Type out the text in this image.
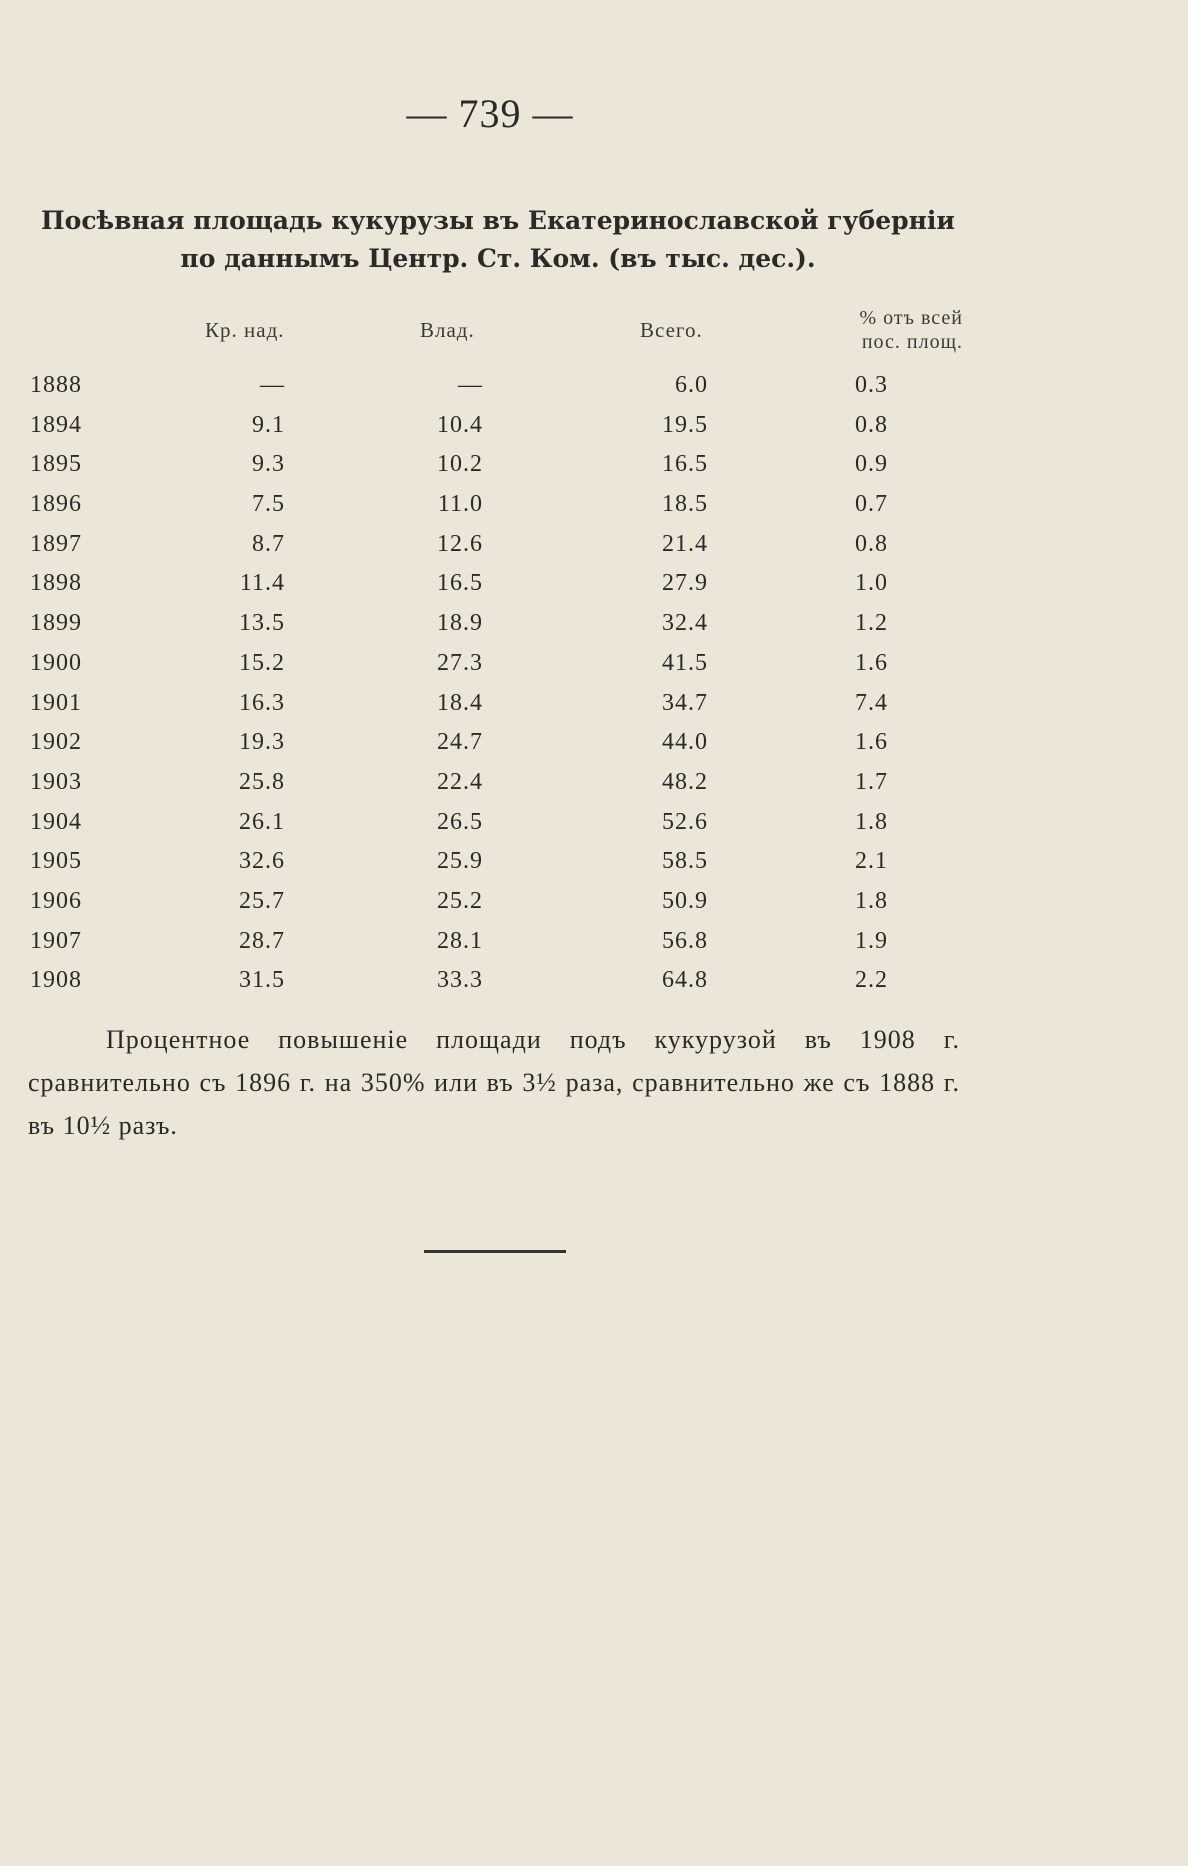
— 739 —
Посѣвная площадь кукурузы въ Екатеринославской губерніи
по даннымъ Центр. Ст. Ком. (въ тыс. дес.).
Кр. над.	Влад.	Всего.	% отъ всей
пос. площ.
1888	—	—	6.0	0.3
1894	9.1	10.4	19.5	0.8
1895	9.3	10.2	16.5	0.9
1896	7.5	11.0	18.5	0.7
1897	8.7	12.6	21.4	0.8
1898	11.4	16.5	27.9	1.0
1899	13.5	18.9	32.4	1.2
1900	15.2	27.3	41.5	1.6
1901	16.3	18.4	34.7	7.4
1902	19.3	24.7	44.0	1.6
1903	25.8	22.4	48.2	1.7
1904	26.1	26.5	52.6	1.8
1905	32.6	25.9	58.5	2.1
1906	25.7	25.2	50.9	1.8
1907	28.7	28.1	56.8	1.9
1908	31.5	33.3	64.8	2.2
Процентное повышеніе площади подъ кукурузой въ 1908 г. сравнительно съ 1896 г. на 350% или въ 3½ раза, сравнительно же съ 1888 г. въ 10½ разъ.
